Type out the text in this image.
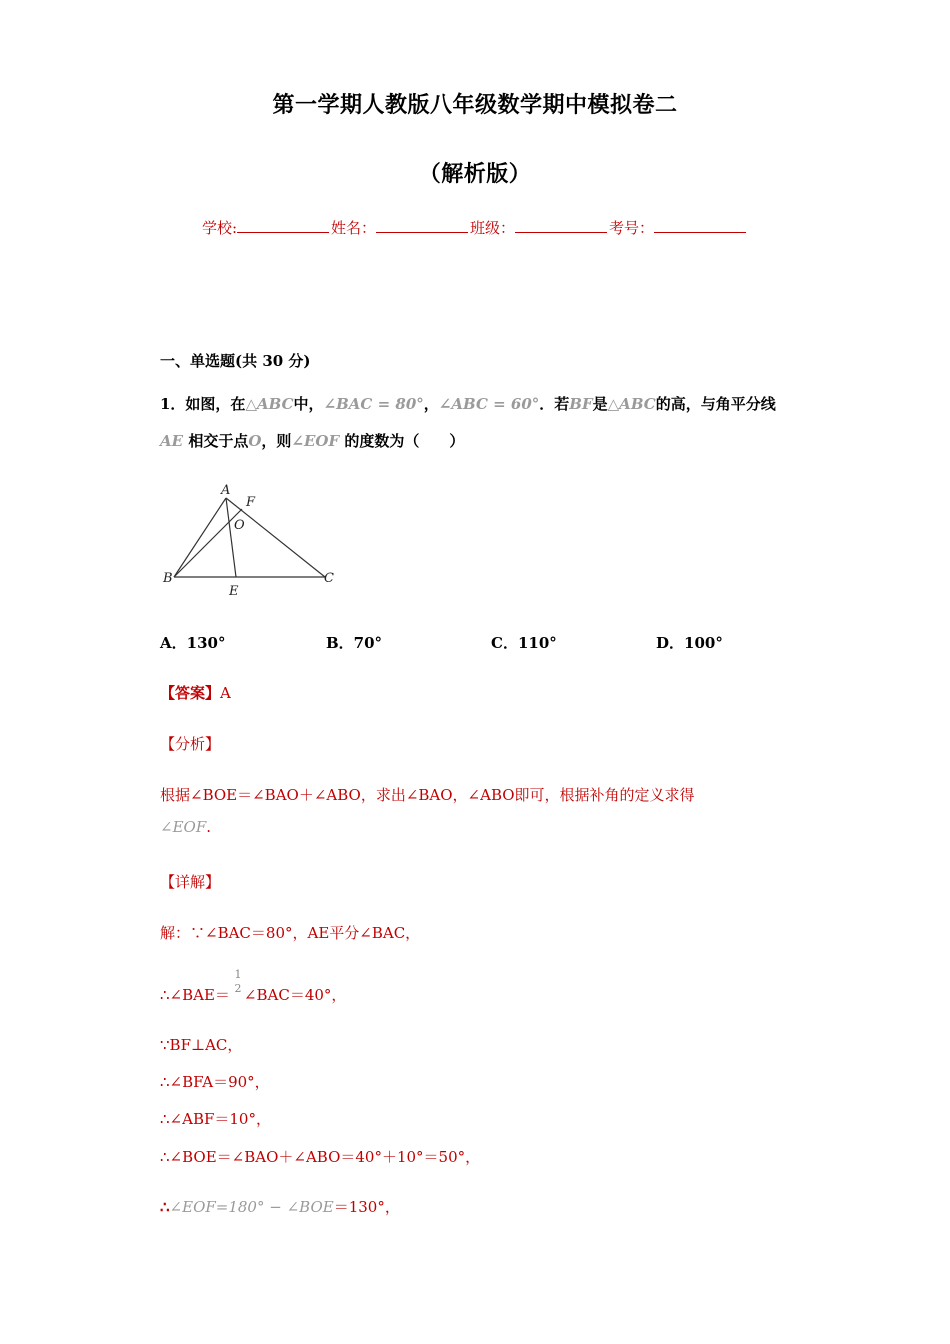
第一学期人教版八年级数学期中模拟卷二
（解析版）
学校:	姓名：	班级：	考号：
一、单选题(共 30 分)
1．如图，在△ABC中，∠BAC = 80°，∠ABC = 60°．若BF是△ABC的高，与角平分线
AE 相交于点O，则∠EOF 的度数为（　　）
A
F
O
B
E
C
A．130°	B．70°	C．110°	D．100°
【答案】A
【分析】
根据∠BOE＝∠BAO＋∠ABO，求出∠BAO，∠ABO即可，根据补角的定义求得
∠EOF.
【详解】
解：∵∠BAC＝80°，AE平分∠BAC，
1
2
∴∠BAE＝ ∠BAC＝40°，
∵BF⊥AC，
∴∠BFA＝90°，
∴∠ABF＝10°，
∴∠BOE＝∠BAO＋∠ABO＝40°＋10°＝50°，
∴∠EOF=180° − ∠BOE＝130°，
